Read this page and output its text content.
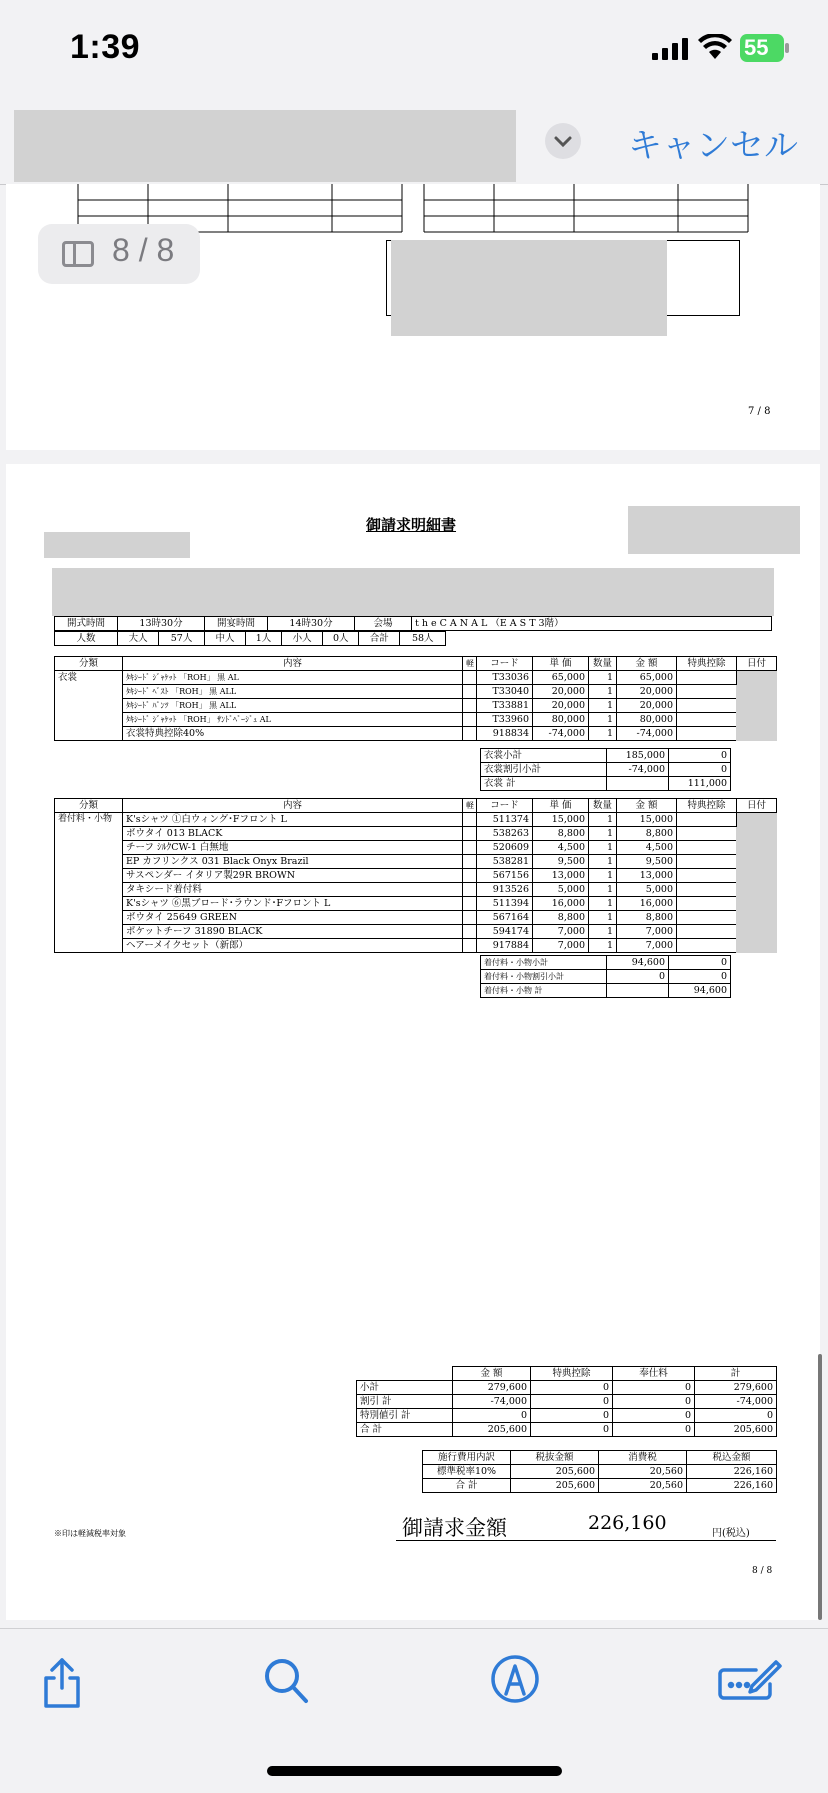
1:39	55
キャンセル
7 / 8
8 / 8
御請求明細書
開式時間	13時30分	開宴時間	14時30分	会場	t h e C A N A L （E A S T 3階）
人数	大人	57人	中人	1人	小人	0人	合計	58人
分類	内容	軽	コード	単 価	数量	金 額	特典控除	日付
衣裳	ﾀｷｼｰﾄﾞ ｼﾞｬｹｯﾄ 「ROH」 黒 AL		T33036	65,000	1	65,000		
	ﾀｷｼｰﾄﾞ ﾍﾞｽﾄ 「ROH」 黒 ALL		T33040	20,000	1	20,000		
	ﾀｷｼｰﾄﾞ ﾊﾟﾝﾂ 「ROH」 黒 ALL		T33881	20,000	1	20,000		
	ﾀｷｼｰﾄﾞ ｼﾞｬｹｯﾄ 「ROH」 ｻﾝﾄﾞﾍﾞｰｼﾞｭ AL		T33960	80,000	1	80,000		
	衣裳特典控除40%		918834	-74,000	1	-74,000		
衣裳小計	185,000	0	
衣裳割引小計	-74,000	0	
衣裳 計		111,000	
分類	内容	軽	コード	単 価	数量	金 額	特典控除	日付
着付料・小物	K'sシャツ ①白ウィング･Fフロント L		511374	15,000	1	15,000		
	ボウタイ 013 BLACK		538263	8,800	1	8,800		
	チーフ ｼﾙｸCW-1 白無地		520609	4,500	1	4,500		
	EP カフリンクス 031 Black Onyx Brazil		538281	9,500	1	9,500		
	サスペンダー イタリア製29R BROWN		567156	13,000	1	13,000		
	タキシード着付料		913526	5,000	1	5,000		
	K'sシャツ ⑥黒ブロード･ラウンド･Fフロント L		511394	16,000	1	16,000		
	ボウタイ 25649 GREEN		567164	8,800	1	8,800		
	ポケットチーフ 31890 BLACK		594174	7,000	1	7,000		
	ヘアーメイクセット（新郎）		917884	7,000	1	7,000		
着付料・小物小計	94,600	0	
着付料・小物割引小計	0	0	
着付料・小物 計		94,600	
	金 額	特典控除	奉仕料	計
小計	279,600	0	0	279,600
割引 計	-74,000	0	0	-74,000
特別値引 計	0	0	0	0
合 計	205,600	0	0	205,600
施行費用内訳	税抜金額	消費税	税込金額
標準税率10%	205,600	20,560	226,160
合 計	205,600	20,560	226,160
御請求金額	226,160	円(税込)
※印は軽減税率対象
8 / 8
